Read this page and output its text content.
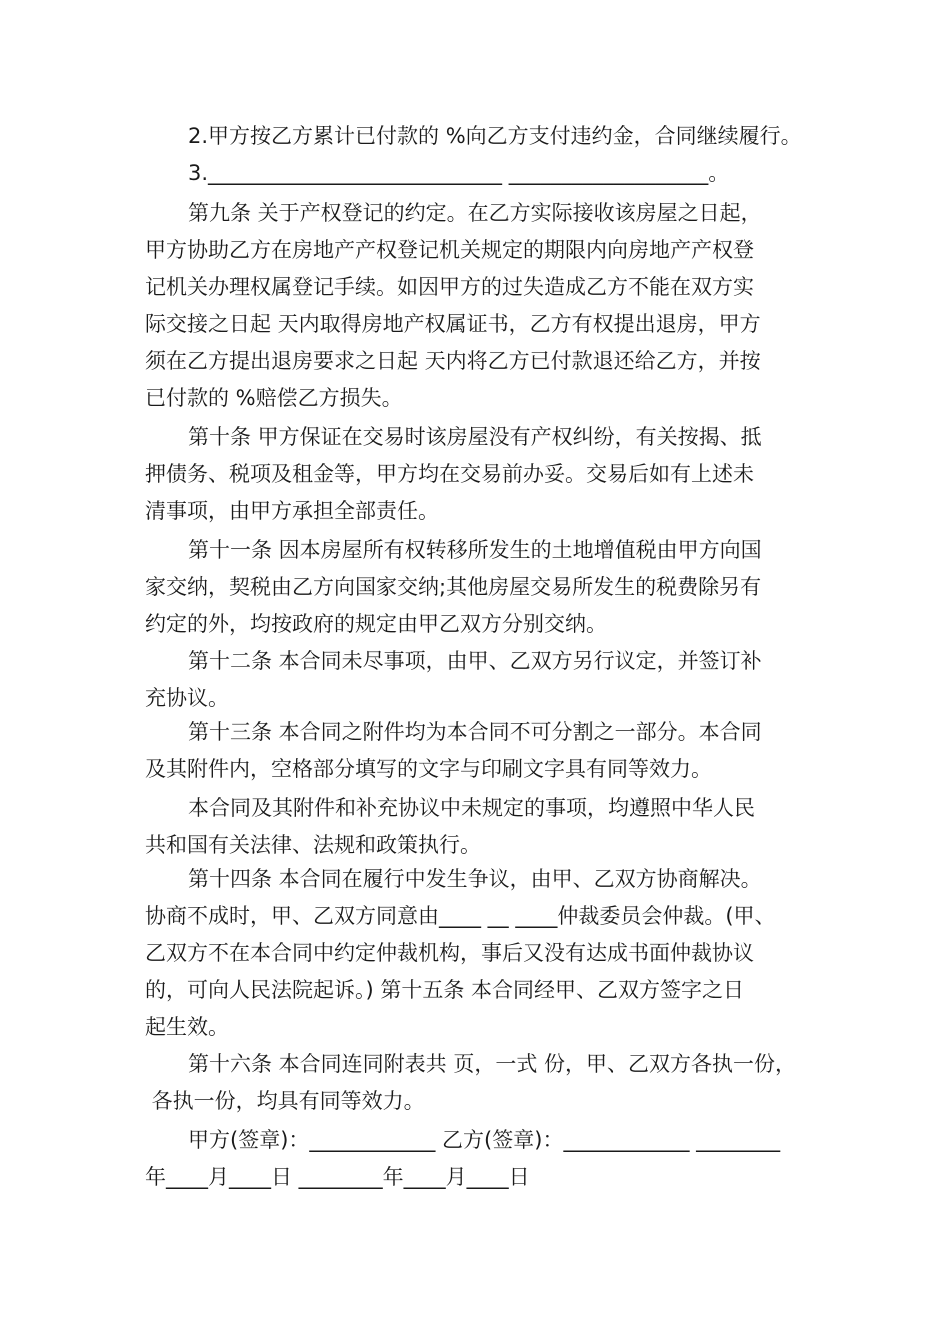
2.甲方按乙方累计已付款的 %向乙方支付违约金，合同继续履行。
3.____________________________ ___________________。
第九条 关于产权登记的约定。在乙方实际接收该房屋之日起，
甲方协助乙方在房地产产权登记机关规定的期限内向房地产产权登
记机关办理权属登记手续。如因甲方的过失造成乙方不能在双方实
际交接之日起 天内取得房地产权属证书，乙方有权提出退房，甲方
须在乙方提出退房要求之日起 天内将乙方已付款退还给乙方，并按
已付款的 %赔偿乙方损失。
第十条 甲方保证在交易时该房屋没有产权纠纷，有关按揭、抵
押债务、税项及租金等，甲方均在交易前办妥。交易后如有上述未
清事项，由甲方承担全部责任。
第十一条 因本房屋所有权转移所发生的土地增值税由甲方向国
家交纳，契税由乙方向国家交纳;其他房屋交易所发生的税费除另有
约定的外，均按政府的规定由甲乙双方分别交纳。
第十二条 本合同未尽事项，由甲、乙双方另行议定，并签订补
充协议。
第十三条 本合同之附件均为本合同不可分割之一部分。本合同
及其附件内，空格部分填写的文字与印刷文字具有同等效力。
本合同及其附件和补充协议中未规定的事项，均遵照中华人民
共和国有关法律、法规和政策执行。
第十四条 本合同在履行中发生争议，由甲、乙双方协商解决。
协商不成时，甲、乙双方同意由____ __ ____仲裁委员会仲裁。(甲、
乙双方不在本合同中约定仲裁机构，事后又没有达成书面仲裁协议
的，可向人民法院起诉。) 第十五条 本合同经甲、乙双方签字之日
起生效。
第十六条 本合同连同附表共 页，一式 份，甲、乙双方各执一份，
各执一份，均具有同等效力。
甲方(签章)：____________ 乙方(签章)：____________ ________
年____月____日 ________年____月____日
